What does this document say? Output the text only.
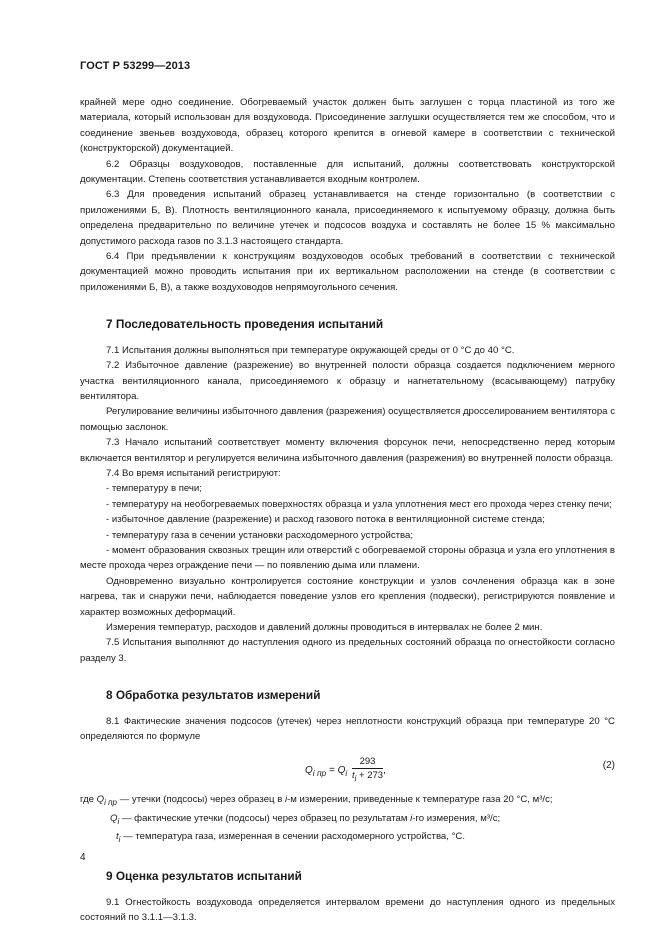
ГОСТ Р 53299—2013

крайней мере одно соединение. Обогреваемый участок должен быть заглушен с торца пластиной из того же материала, который использован для воздуховода. Присоединение заглушки осуществляется тем же способом, что и соединение звеньев воздуховода, образец которого крепится в огневой камере в соответствии с технической (конструкторской) документацией.

6.2 Образцы воздуховодов, поставленные для испытаний, должны соответствовать конструкторской документации. Степень соответствия устанавливается входным контролем.

6.3 Для проведения испытаний образец устанавливается на стенде горизонтально (в соответствии с приложениями Б, В). Плотность вентиляционного канала, присоединяемого к испытуемому образцу, должна быть определена предварительно по величине утечек и подсосов воздуха и составлять не более 15 % максимально допустимого расхода газов по 3.1.3 настоящего стандарта.

6.4 При предъявлении к конструкциям воздуховодов особых требований в соответствии с технической документацией можно проводить испытания при их вертикальном расположении на стенде (в соответствии с приложениями Б, В), а также воздуховодов непрямоугольного сечения.

7 Последовательность проведения испытаний

7.1 Испытания должны выполняться при температуре окружающей среды от 0 °С до 40 °С.

7.2 Избыточное давление (разрежение) во внутренней полости образца создается подключением мерного участка вентиляционного канала, присоединяемого к образцу и нагнетательному (всасывающему) патрубку вентилятора.

Регулирование величины избыточного давления (разрежения) осуществляется дросселированием вентилятора с помощью заслонок.

7.3 Начало испытаний соответствует моменту включения форсунок печи, непосредственно перед которым включается вентилятор и регулируется величина избыточного давления (разрежения) во внутренней полости образца.

7.4 Во время испытаний регистрируют:

- температуру в печи;

- температуру на необогреваемых поверхностях образца и узла уплотнения мест его прохода через стенку печи;

- избыточное давление (разрежение) и расход газового потока в вентиляционной системе стенда;

- температуру газа в сечении установки расходомерного устройства;

- момент образования сквозных трещин или отверстий с обогреваемой стороны образца и узла его уплотнения в месте прохода через ограждение печи — по появлению дыма или пламени.

Одновременно визуально контролируется состояние конструкции и узлов сочленения образца как в зоне нагрева, так и снаружи печи, наблюдается поведение узлов его крепления (подвески), регистрируются появление и характер возможных деформаций.

Измерения температур, расходов и давлений должны проводиться в интервалах не более 2 мин.

7.5 Испытания выполняют до наступления одного из предельных состояний образца по огнестойкости согласно разделу 3.

8 Обработка результатов измерений

8.1 Фактические значения подсосов (утечек) через неплотности конструкций образца при температуре 20 °С определяются по формуле

$Q_{i пр} = Q_i \frac{293}{t_i + 273}$ ,	(2)

где $Q_{i пр}$ — утечки (подсосы) через образец в i-м измерении, приведенные к температуре газа 20 °С, м³/с;

$Q_i$ — фактические утечки (подсосы) через образец по результатам i-го измерения, м³/с;

$t_i$ — температура газа, измеренная в сечении расходомерного устройства, °С.

9 Оценка результатов испытаний

9.1 Огнестойкость воздуховода определяется интервалом времени до наступления одного из предельных состояний по 3.1.1—3.1.3.

4
